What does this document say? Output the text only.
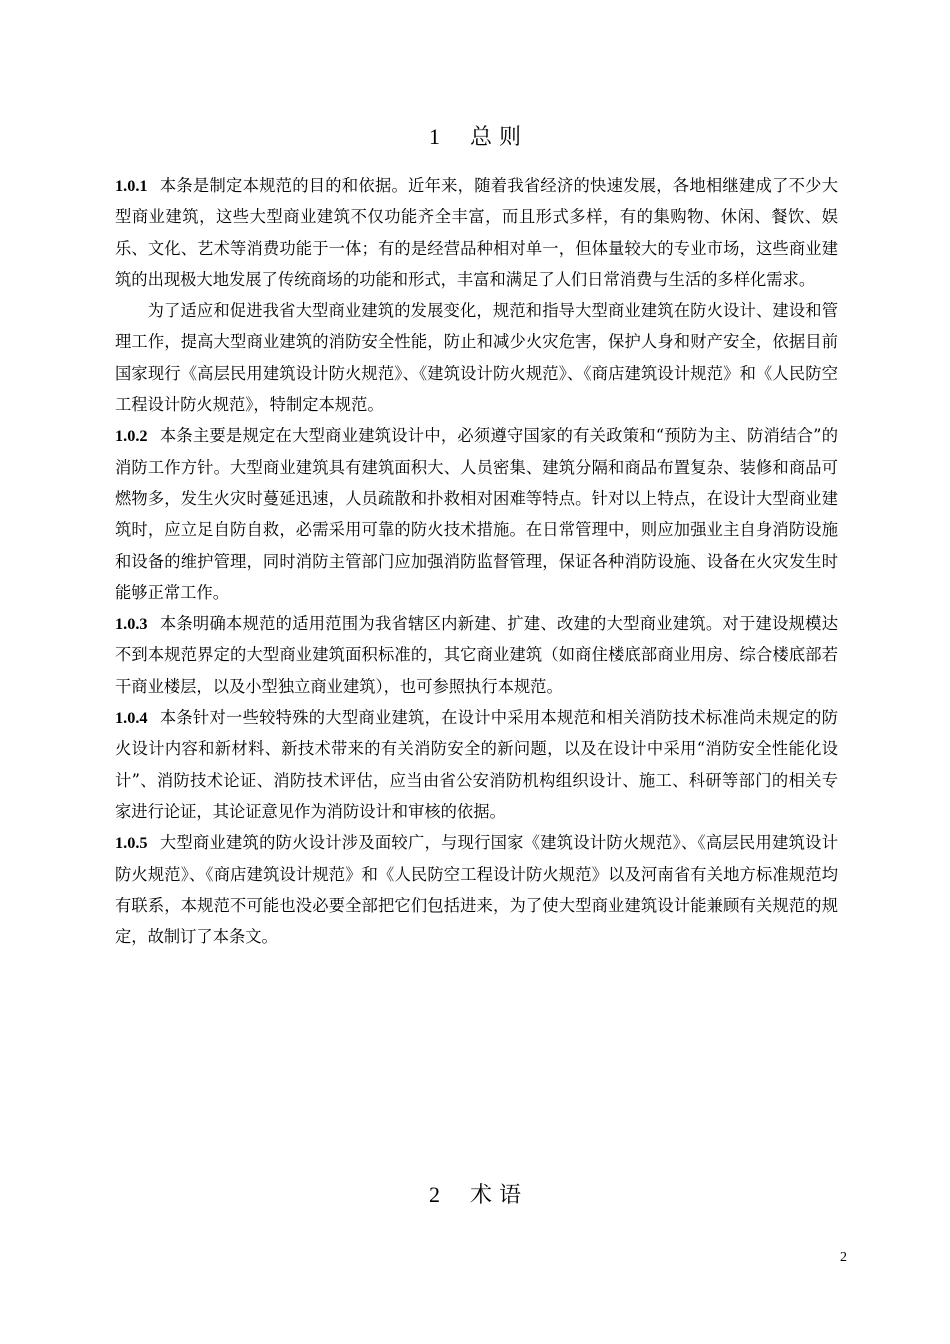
1 总 则

1.0.1 本条是制定本规范的目的和依据。近年来，随着我省经济的快速发展，各地相继建成了不少大型商业建筑，这些大型商业建筑不仅功能齐全丰富，而且形式多样，有的集购物、休闲、餐饮、娱乐、文化、艺术等消费功能于一体；有的是经营品种相对单一，但体量较大的专业市场，这些商业建筑的出现极大地发展了传统商场的功能和形式，丰富和满足了人们日常消费与生活的多样化需求。

为了适应和促进我省大型商业建筑的发展变化，规范和指导大型商业建筑在防火设计、建设和管理工作，提高大型商业建筑的消防安全性能，防止和减少火灾危害，保护人身和财产安全，依据目前国家现行《高层民用建筑设计防火规范》、《建筑设计防火规范》、《商店建筑设计规范》和《人民防空工程设计防火规范》，特制定本规范。

1.0.2 本条主要是规定在大型商业建筑设计中，必须遵守国家的有关政策和“预防为主、防消结合”的消防工作方针。大型商业建筑具有建筑面积大、人员密集、建筑分隔和商品布置复杂、装修和商品可燃物多，发生火灾时蔓延迅速，人员疏散和扑救相对困难等特点。针对以上特点，在设计大型商业建筑时，应立足自防自救，必需采用可靠的防火技术措施。在日常管理中，则应加强业主自身消防设施和设备的维护管理，同时消防主管部门应加强消防监督管理，保证各种消防设施、设备在火灾发生时能够正常工作。

1.0.3 本条明确本规范的适用范围为我省辖区内新建、扩建、改建的大型商业建筑。对于建设规模达不到本规范界定的大型商业建筑面积标准的，其它商业建筑（如商住楼底部商业用房、综合楼底部若干商业楼层，以及小型独立商业建筑），也可参照执行本规范。

1.0.4 本条针对一些较特殊的大型商业建筑，在设计中采用本规范和相关消防技术标准尚未规定的防火设计内容和新材料、新技术带来的有关消防安全的新问题，以及在设计中采用“消防安全性能化设计”、消防技术论证、消防技术评估，应当由省公安消防机构组织设计、施工、科研等部门的相关专家进行论证，其论证意见作为消防设计和审核的依据。

1.0.5 大型商业建筑的防火设计涉及面较广，与现行国家《建筑设计防火规范》、《高层民用建筑设计防火规范》、《商店建筑设计规范》和《人民防空工程设计防火规范》以及河南省有关地方标准规范均有联系，本规范不可能也没必要全部把它们包括进来，为了使大型商业建筑设计能兼顾有关规范的规定，故制订了本条文。

2 术 语
2
